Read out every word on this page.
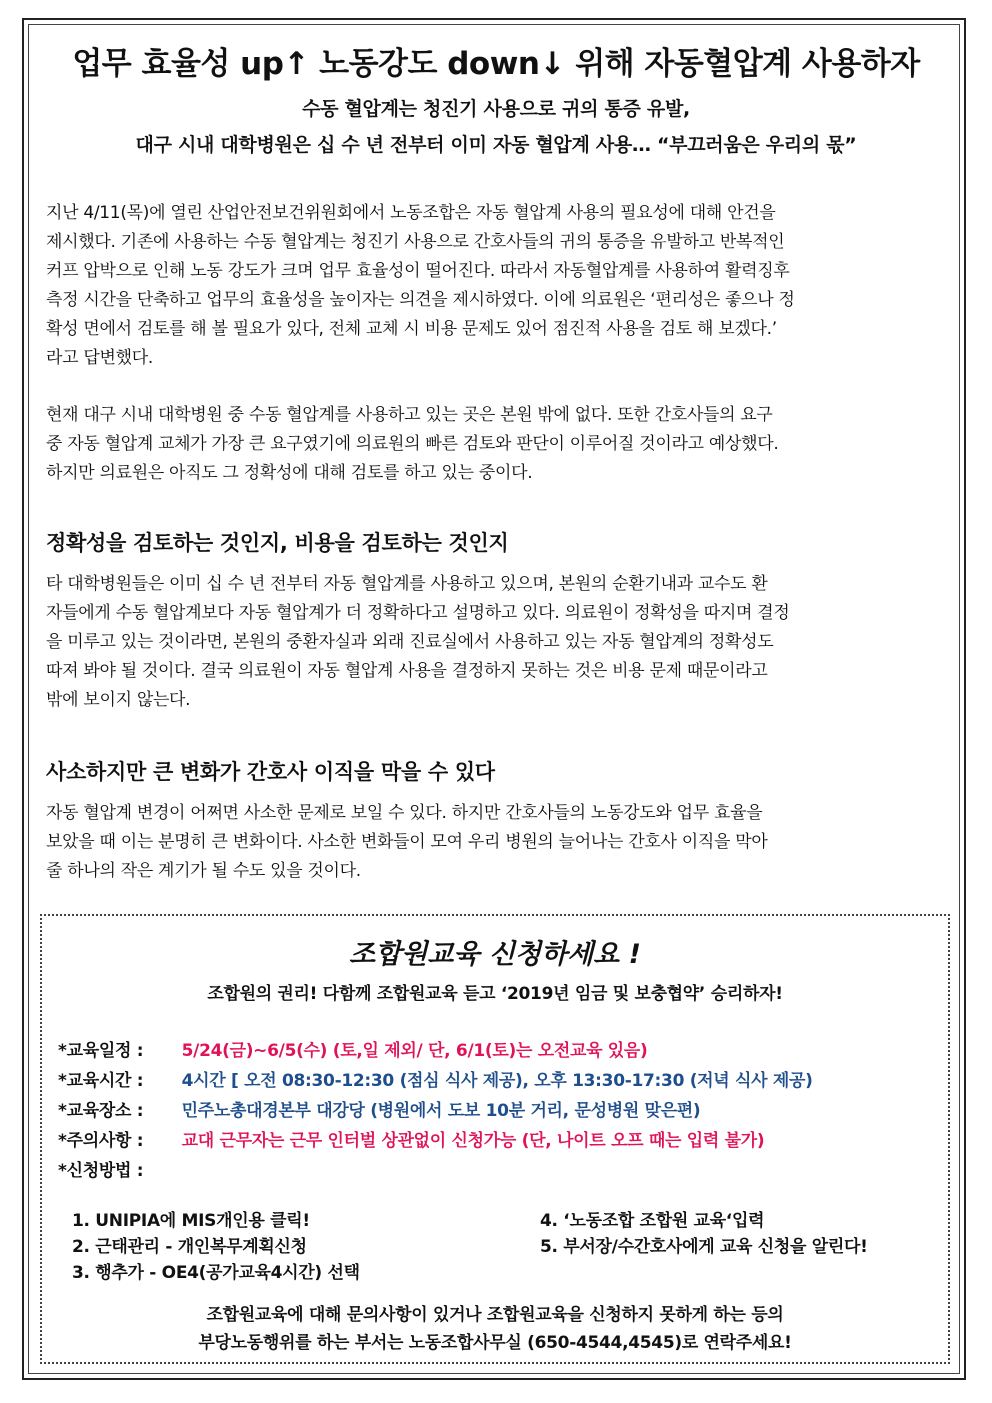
업무 효율성 up↑ 노동강도 down↓ 위해 자동혈압계 사용하자
수동 혈압계는 청진기 사용으로 귀의 통증 유발,
대구 시내 대학병원은 십 수 년 전부터 이미 자동 혈압계 사용… “부끄러움은 우리의 몫”

지난 4/11(목)에 열린 산업안전보건위원회에서 노동조합은 자동 혈압계 사용의 필요성에 대해 안건을
제시했다. 기존에 사용하는 수동 혈압계는 청진기 사용으로 간호사들의 귀의 통증을 유발하고 반복적인
커프 압박으로 인해 노동 강도가 크며 업무 효율성이 떨어진다. 따라서 자동혈압계를 사용하여 활력징후
측정 시간을 단축하고 업무의 효율성을 높이자는 의견을 제시하였다. 이에 의료원은 ‘편리성은 좋으나 정
확성 면에서 검토를 해 볼 필요가 있다, 전체 교체 시 비용 문제도 있어 점진적 사용을 검토 해 보겠다.’
라고 답변했다.

현재 대구 시내 대학병원 중 수동 혈압계를 사용하고 있는 곳은 본원 밖에 없다. 또한 간호사들의 요구
중 자동 혈압계 교체가 가장 큰 요구였기에 의료원의 빠른 검토와 판단이 이루어질 것이라고 예상했다.
하지만 의료원은 아직도 그 정확성에 대해 검토를 하고 있는 중이다.

정확성을 검토하는 것인지, 비용을 검토하는 것인지

타 대학병원들은 이미 십 수 년 전부터 자동 혈압계를 사용하고 있으며, 본원의 순환기내과 교수도 환
자들에게 수동 혈압계보다 자동 혈압계가 더 정확하다고 설명하고 있다. 의료원이 정확성을 따지며 결정
을 미루고 있는 것이라면, 본원의 중환자실과 외래 진료실에서 사용하고 있는 자동 혈압계의 정확성도
따져 봐야 될 것이다. 결국 의료원이 자동 혈압계 사용을 결정하지 못하는 것은 비용 문제 때문이라고
밖에 보이지 않는다.

사소하지만 큰 변화가 간호사 이직을 막을 수 있다

자동 혈압계 변경이 어쩌면 사소한 문제로 보일 수 있다. 하지만 간호사들의 노동강도와 업무 효율을
보았을 때 이는 분명히 큰 변화이다. 사소한 변화들이 모여 우리 병원의 늘어나는 간호사 이직을 막아
줄 하나의 작은 계기가 될 수도 있을 것이다.

조합원교육 신청하세요 !
조합원의 권리! 다함께 조합원교육 듣고 ‘2019년 임금 및 보충협약’ 승리하자!
*교육일정 : 5/24(금)~6/5(수) (토,일 제외/ 단, 6/1(토)는 오전교육 있음)
*교육시간 : 4시간 [ 오전 08:30-12:30 (점심 식사 제공), 오후 13:30-17:30 (저녁 식사 제공)
*교육장소 : 민주노총대경본부 대강당 (병원에서 도보 10분 거리, 문성병원 맞은편)
*주의사항 : 교대 근무자는 근무 인터벌 상관없이 신청가능 (단, 나이트 오프 때는 입력 불가)
*신청방법 :
1. UNIPIA에 MIS개인용 클릭!
2. 근태관리 - 개인복무계획신청
3. 행추가 - OE4(공가교육4시간) 선택
4. ‘노동조합 조합원 교육‘입력
5. 부서장/수간호사에게 교육 신청을 알린다!
조합원교육에 대해 문의사항이 있거나 조합원교육을 신청하지 못하게 하는 등의
부당노동행위를 하는 부서는 노동조합사무실 (650-4544,4545)로 연락주세요!
